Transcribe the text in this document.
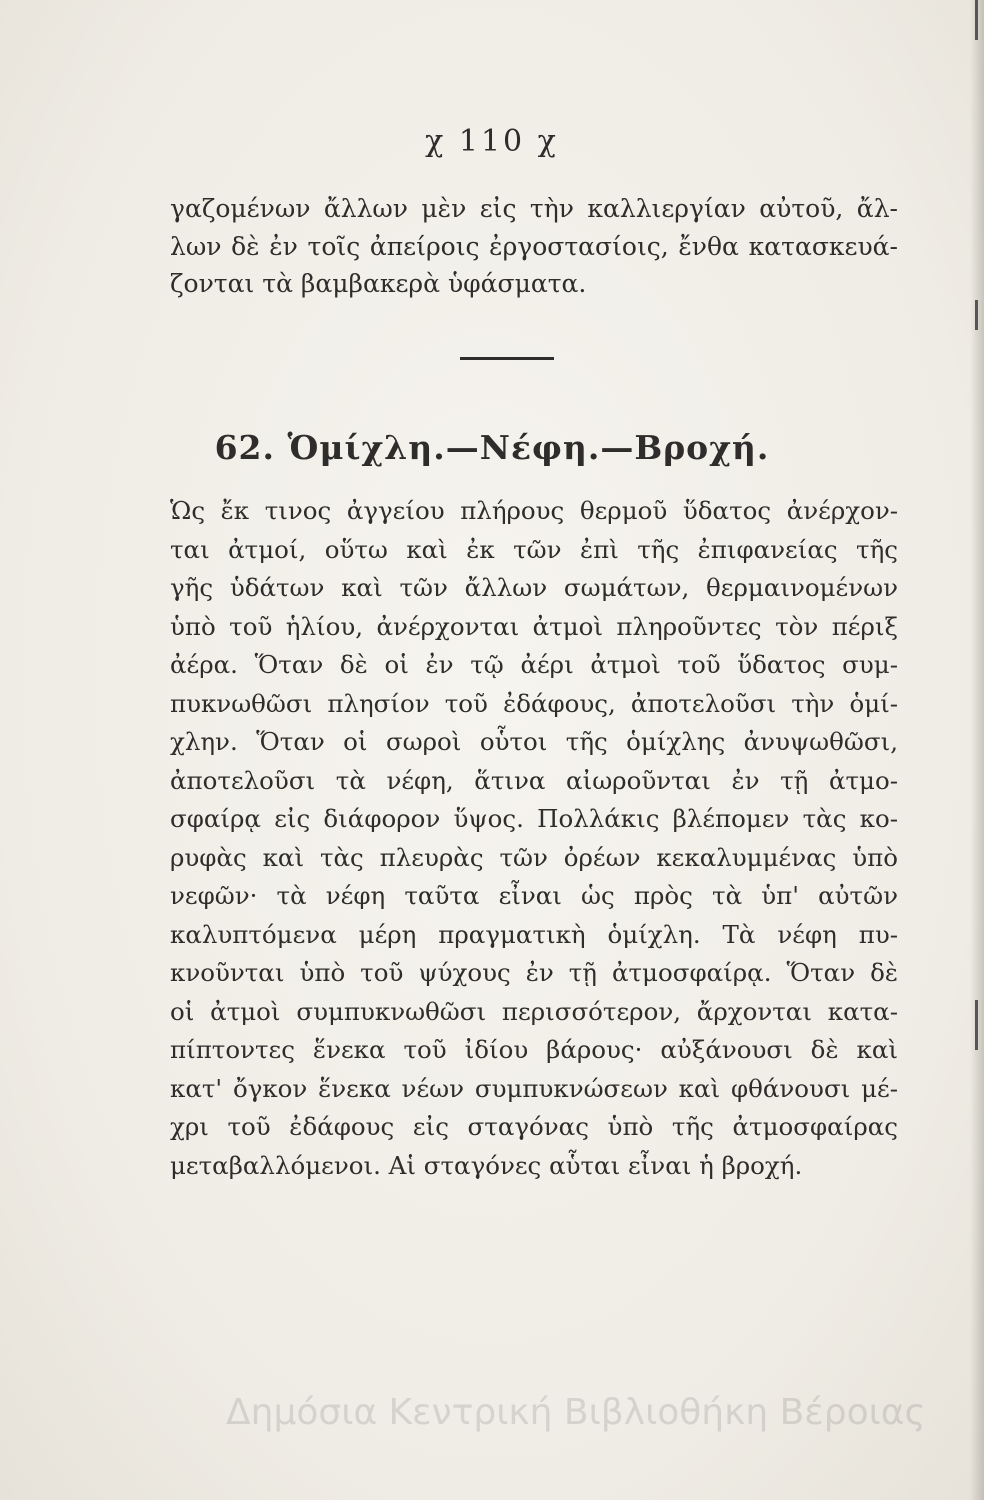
χ 110 χ
γαζομένων ἄλλων μὲν εἰς τὴν καλλιεργίαν αὐτοῦ, ἄλ-
λων δὲ ἐν τοῖς ἀπείροις ἐργοστασίοις, ἔνθα κατασκευά-
ζονται τὰ βαμβακερὰ ὑφάσματα.
62. Ὁμίχλη.—Νέφη.—Βροχή.
Ὡς ἔκ τινος ἀγγείου πλήρους θερμοῦ ὕδατος ἀνέρχον-
ται ἀτμοί, οὕτω καὶ ἐκ τῶν ἐπὶ τῆς ἐπιφανείας τῆς
γῆς ὑδάτων καὶ τῶν ἄλλων σωμάτων, θερμαινομένων
ὑπὸ τοῦ ἡλίου, ἀνέρχονται ἀτμοὶ πληροῦντες τὸν πέριξ
ἀέρα. Ὅταν δὲ οἱ ἐν τῷ ἀέρι ἀτμοὶ τοῦ ὕδατος συμ-
πυκνωθῶσι πλησίον τοῦ ἐδάφους, ἀποτελοῦσι τὴν ὁμί-
χλην. Ὅταν οἱ σωροὶ οὗτοι τῆς ὁμίχλης ἀνυψωθῶσι,
ἀποτελοῦσι τὰ νέφη, ἅτινα αἰωροῦνται ἐν τῇ ἀτμο-
σφαίρᾳ εἰς διάφορον ὕψος. Πολλάκις βλέπομεν τὰς κο-
ρυφὰς καὶ τὰς πλευρὰς τῶν ὀρέων κεκαλυμμένας ὑπὸ
νεφῶν· τὰ νέφη ταῦτα εἶναι ὡς πρὸς τὰ ὑπ' αὐτῶν
καλυπτόμενα μέρη πραγματικὴ ὁμίχλη. Τὰ νέφη πυ-
κνοῦνται ὑπὸ τοῦ ψύχους ἐν τῇ ἀτμοσφαίρᾳ. Ὅταν δὲ
οἱ ἀτμοὶ συμπυκνωθῶσι περισσότερον, ἄρχονται κατα-
πίπτοντες ἕνεκα τοῦ ἰδίου βάρους· αὐξάνουσι δὲ καὶ
κατ' ὄγκον ἕνεκα νέων συμπυκνώσεων καὶ φθάνουσι μέ-
χρι τοῦ ἐδάφους εἰς σταγόνας ὑπὸ τῆς ἀτμοσφαίρας
μεταβαλλόμενοι. Αἱ σταγόνες αὗται εἶναι ἡ βροχή.
Δημόσια Κεντρική Βιβλιοθήκη Βέροιας
